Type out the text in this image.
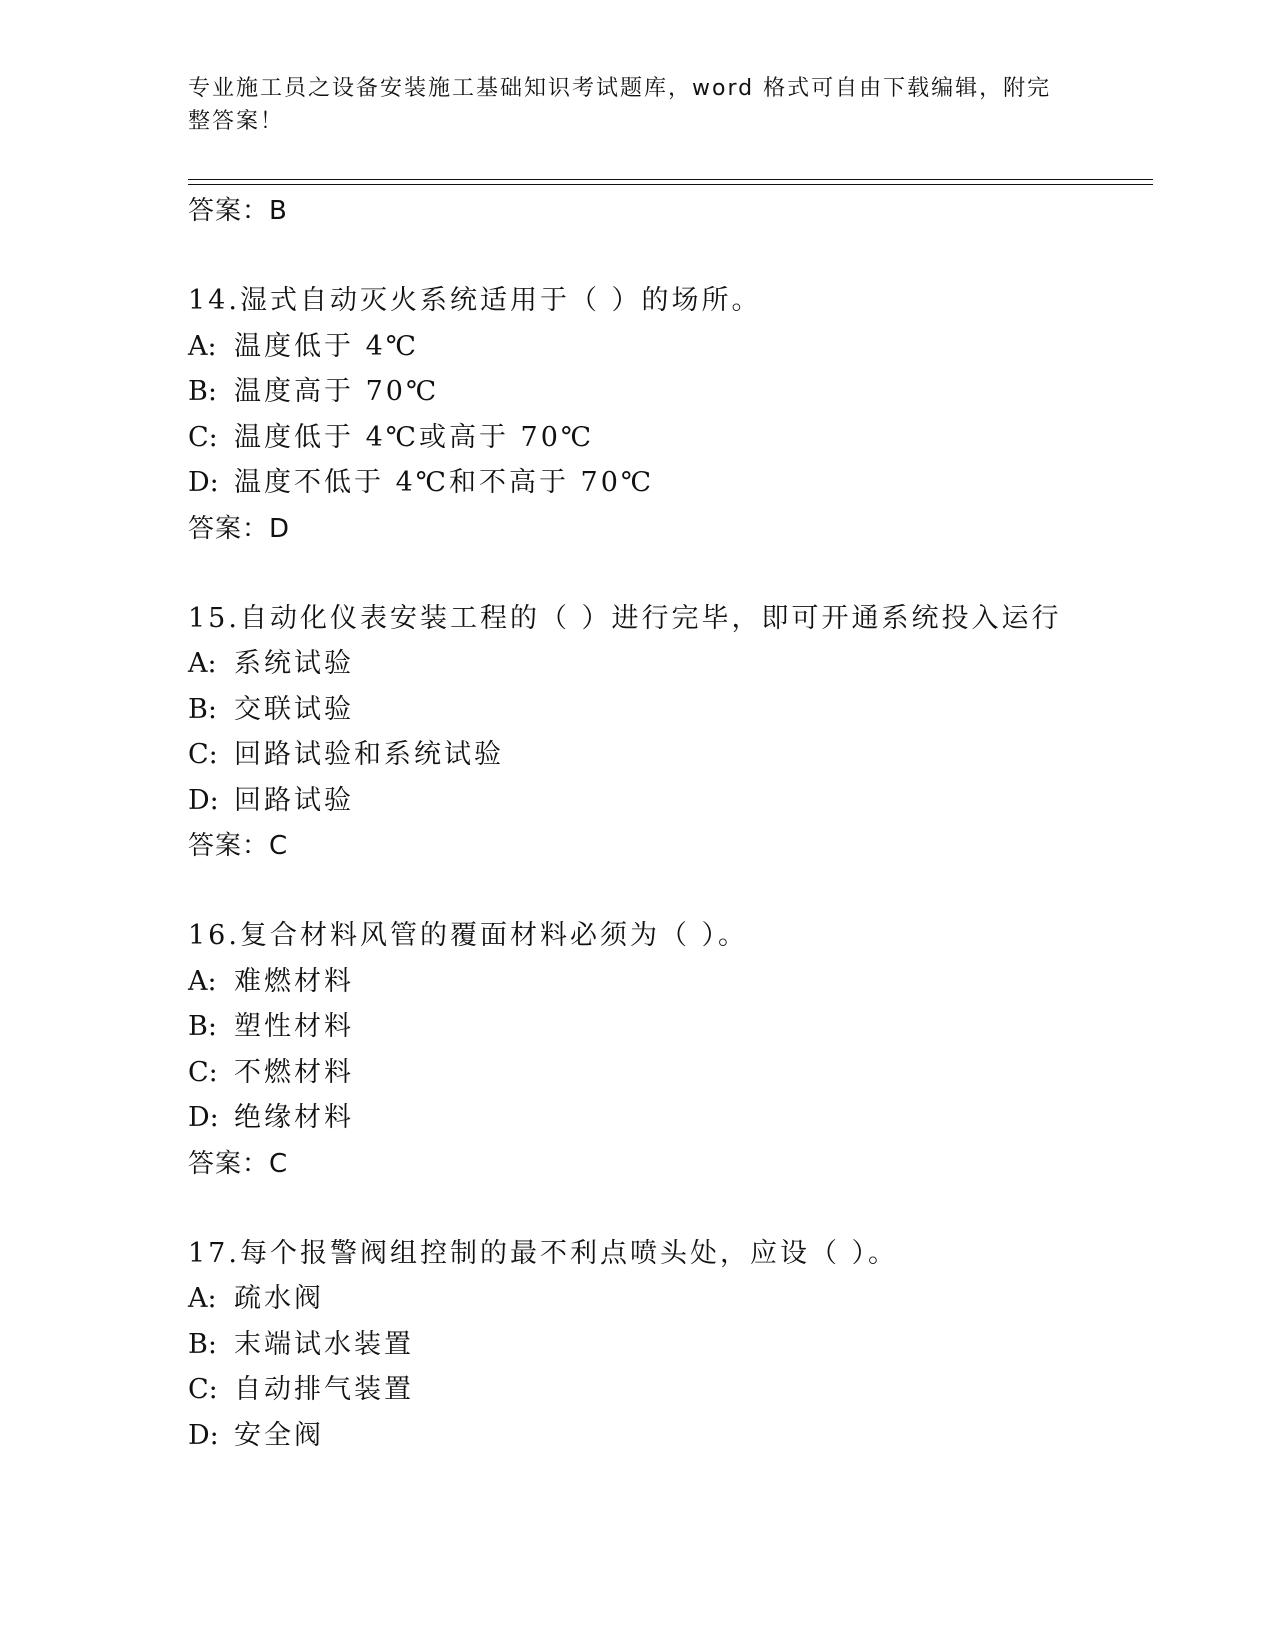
专业施工员之设备安装施工基础知识考试题库，word 格式可自由下载编辑，附完整答案！
答案：B
14.湿式自动灭火系统适用于（ ）的场所。
A: 温度低于 4℃
B: 温度高于 70℃
C: 温度低于 4℃或高于 70℃
D: 温度不低于 4℃和不高于 70℃
答案：D
15.自动化仪表安装工程的（ ）进行完毕，即可开通系统投入运行
A: 系统试验
B: 交联试验
C: 回路试验和系统试验
D: 回路试验
答案：C
16.复合材料风管的覆面材料必须为（ ）。
A: 难燃材料
B: 塑性材料
C: 不燃材料
D: 绝缘材料
答案：C
17.每个报警阀组控制的最不利点喷头处，应设（ ）。
A: 疏水阀
B: 末端试水装置
C: 自动排气装置
D: 安全阀
